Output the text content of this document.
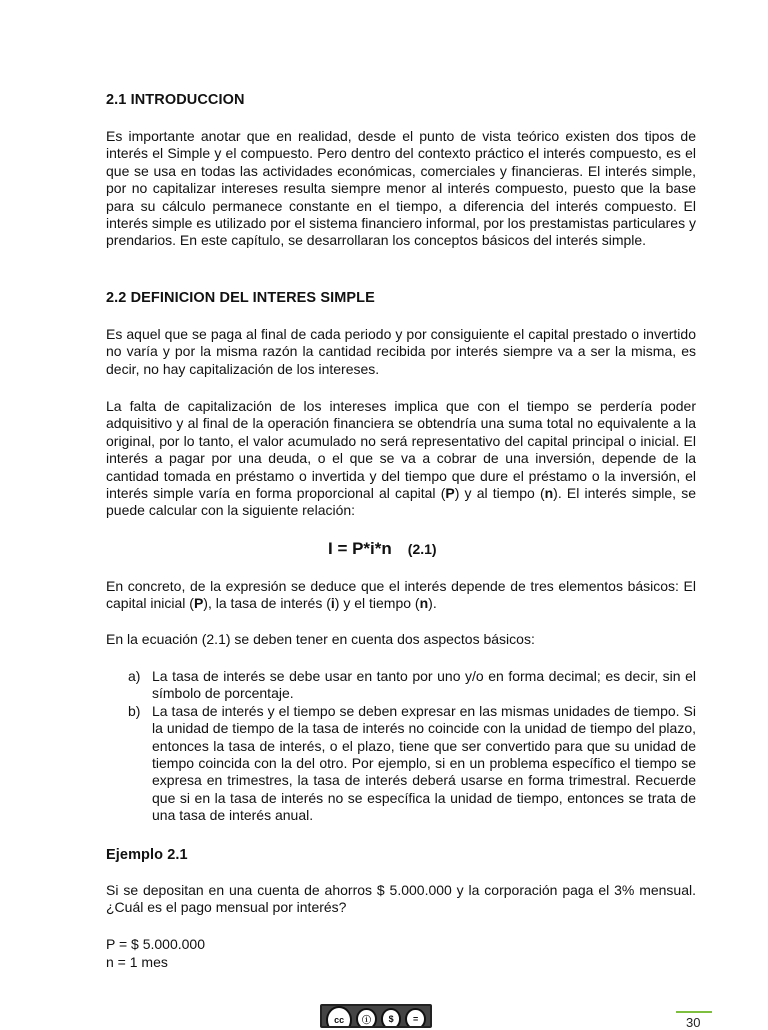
2.1 INTRODUCCION
Es importante anotar que en realidad, desde el punto de vista teórico existen dos tipos de interés el Simple y el compuesto. Pero dentro del contexto práctico el interés compuesto, es el que se usa en todas las actividades económicas, comerciales y financieras. El interés simple, por no capitalizar intereses resulta siempre menor al interés compuesto, puesto que la base para su cálculo permanece constante en el tiempo, a diferencia del interés compuesto. El interés simple es utilizado por el sistema financiero informal, por los prestamistas particulares y prendarios. En este capítulo, se desarrollaran los conceptos básicos del interés simple.
2.2 DEFINICION DEL INTERES SIMPLE
Es aquel que se paga al final de cada periodo y por consiguiente el capital prestado o invertido no varía y por la misma razón la cantidad recibida por interés siempre va a ser la misma, es decir, no hay capitalización de los intereses.
La falta de capitalización de los intereses implica que con el tiempo se perdería poder adquisitivo y al final de la operación financiera se obtendría una suma total no equivalente a la original, por lo tanto, el valor acumulado no será representativo del capital principal o inicial. El interés a pagar por una deuda, o el que se va a cobrar de una inversión, depende de la cantidad tomada en préstamo o invertida y del tiempo que dure el préstamo o la inversión, el interés simple varía en forma proporcional al capital (P) y al tiempo (n). El interés simple, se puede calcular con la siguiente relación:
I = P*i*n (2.1)
En concreto, de la expresión se deduce que el interés depende de tres elementos básicos: El capital inicial (P), la tasa de interés (i) y el tiempo (n).
En la ecuación (2.1) se deben tener en cuenta dos aspectos básicos:
a) La tasa de interés se debe usar en tanto por uno y/o en forma decimal; es decir, sin el símbolo de porcentaje.
b) La tasa de interés y el tiempo se deben expresar en las mismas unidades de tiempo. Si la unidad de tiempo de la tasa de interés no coincide con la unidad de tiempo del plazo, entonces la tasa de interés, o el plazo, tiene que ser convertido para que su unidad de tiempo coincida con la del otro. Por ejemplo, si en un problema específico el tiempo se expresa en trimestres, la tasa de interés deberá usarse en forma trimestral. Recuerde que si en la tasa de interés no se específica la unidad de tiempo, entonces se trata de una tasa de interés anual.
Ejemplo 2.1
Si se depositan en una cuenta de ahorros $ 5.000.000 y la corporación paga el 3% mensual. ¿Cuál es el pago mensual por interés?
P = $ 5.000.000
n = 1 mes
cc	ⓘ	$	=	30
